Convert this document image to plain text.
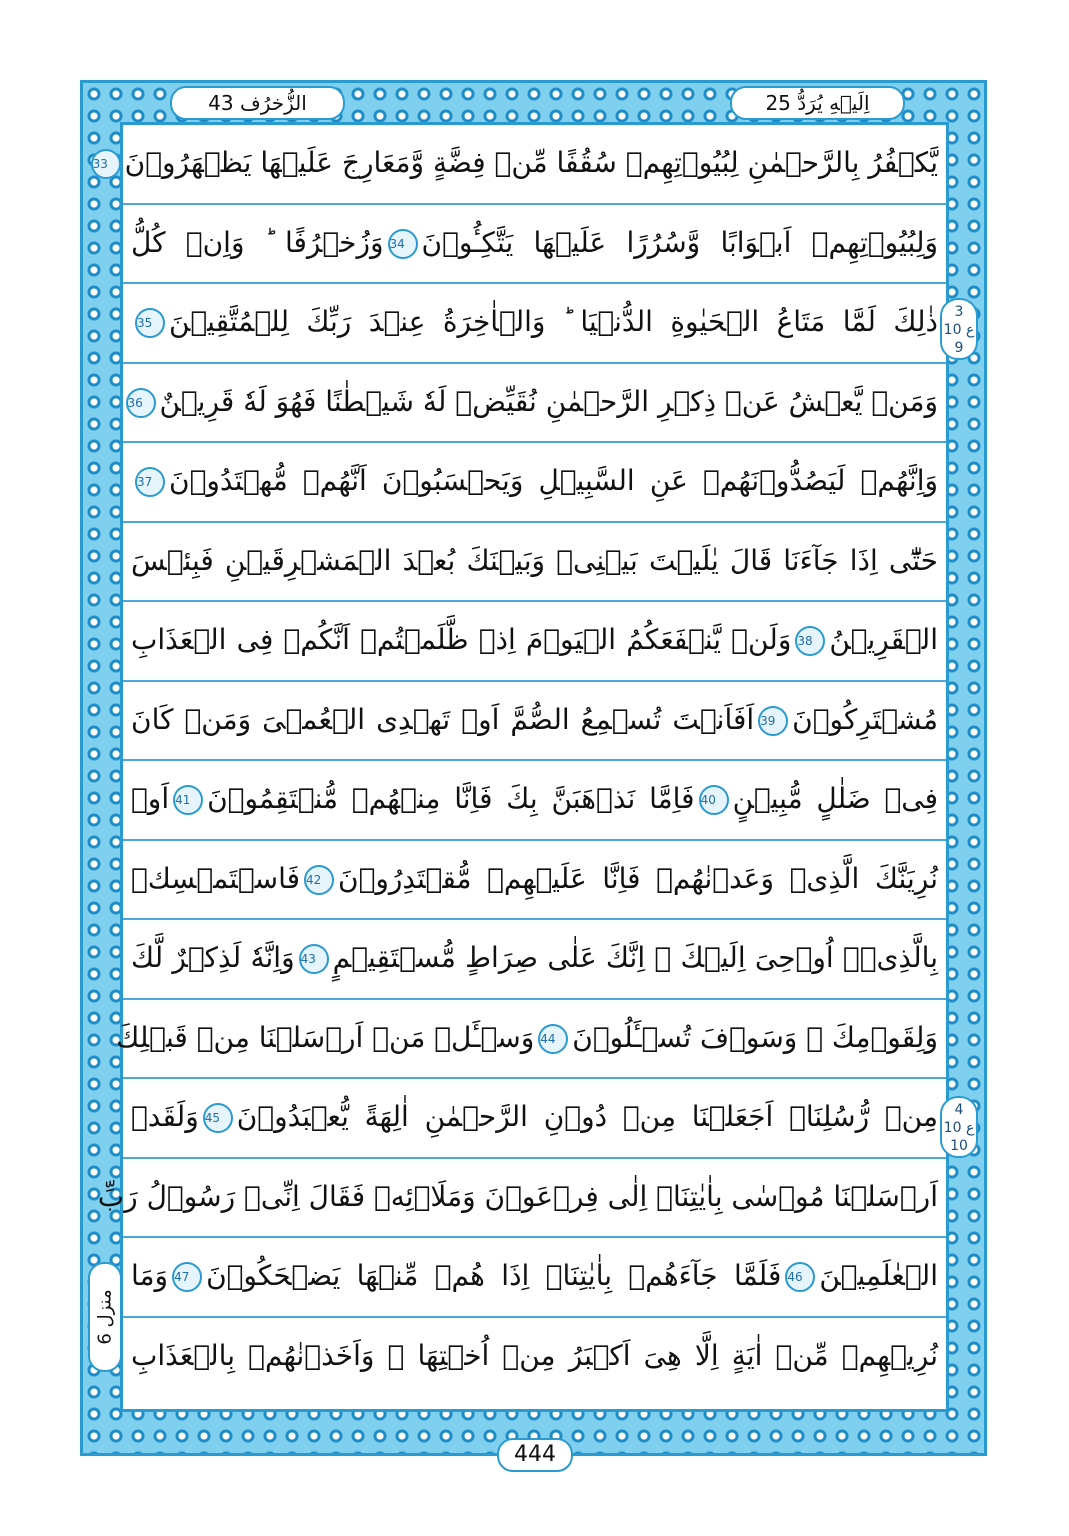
الزُّخرُف 43	اِلَيۡهِ يُرَدُّ 25
يَّكۡفُرُ بِالرَّحۡمٰنِ لِبُيُوۡتِهِمۡ سُقُفًا مِّنۡ فِضَّةٍ وَّمَعَارِجَ عَلَيۡهَا يَظۡهَرُوۡنَ33
وَلِبُيُوۡتِهِمۡ اَبۡوَابًا وَّسُرُرًا عَلَيۡهَا يَتَّكِـُٔوۡنَ34وَزُخۡرُفًا ؕ وَاِنۡ كُلُّ
ذٰلِكَ لَمَّا مَتَاعُ الۡحَيٰوةِ الدُّنۡيَا ؕ وَالۡاٰخِرَةُ عِنۡدَ رَبِّكَ لِلۡمُتَّقِيۡنَ35
وَمَنۡ يَّعۡشُ عَنۡ ذِكۡرِ الرَّحۡمٰنِ نُقَيِّضۡ لَهٗ شَيۡطٰنًا فَهُوَ لَهٗ قَرِيۡنٌ36
وَاِنَّهُمۡ لَيَصُدُّوۡنَهُمۡ عَنِ السَّبِيۡلِ وَيَحۡسَبُوۡنَ اَنَّهُمۡ مُّهۡتَدُوۡنَ37
حَتّٰٓى اِذَا جَآءَنَا قَالَ يٰلَيۡتَ بَيۡنِىۡ وَبَيۡنَكَ بُعۡدَ الۡمَشۡرِقَيۡنِ فَبِئۡسَ
الۡقَرِيۡنُ38وَلَنۡ يَّنۡفَعَكُمُ الۡيَوۡمَ اِذۡ ظَّلَمۡتُمۡ اَنَّكُمۡ فِى الۡعَذَابِ
مُشۡتَرِكُوۡنَ39اَفَاَنۡتَ تُسۡمِعُ الصُّمَّ اَوۡ تَهۡدِى الۡعُمۡىَ وَمَنۡ كَانَ
فِىۡ ضَلٰلٍ مُّبِيۡنٍ40فَاِمَّا نَذۡهَبَنَّ بِكَ فَاِنَّا مِنۡهُمۡ مُّنۡتَقِمُوۡنَ41اَوۡ
نُرِيَنَّكَ الَّذِىۡ وَعَدۡنٰهُمۡ فَاِنَّا عَلَيۡهِمۡ مُّقۡتَدِرُوۡنَ42فَاسۡتَمۡسِكۡ
بِالَّذِىۡۤ اُوۡحِىَ اِلَيۡكَ ۚ اِنَّكَ عَلٰى صِرَاطٍ مُّسۡتَقِيۡمٍ43وَاِنَّهٗ لَذِكۡرٌ لَّكَ
وَلِقَوۡمِكَ ۚ وَسَوۡفَ تُسۡـَٔلُوۡنَ44وَسۡـَٔلۡ مَنۡ اَرۡسَلۡنَا مِنۡ قَبۡلِكَ
مِنۡ رُّسُلِنَاۤ اَجَعَلۡنَا مِنۡ دُوۡنِ الرَّحۡمٰنِ اٰلِهَةً يُّعۡبَدُوۡنَ45وَلَقَدۡ
اَرۡسَلۡنَا مُوۡسٰى بِاٰيٰتِنَاۤ اِلٰى فِرۡعَوۡنَ وَمَلَا۟ئِهٖ فَقَالَ اِنِّىۡ رَسُوۡلُ رَبِّ
الۡعٰلَمِيۡنَ46فَلَمَّا جَآءَهُمۡ بِاٰيٰتِنَاۤ اِذَا هُمۡ مِّنۡهَا يَضۡحَكُوۡنَ47وَمَا
نُرِيۡهِمۡ مِّنۡ اٰيَةٍ اِلَّا هِىَ اَكۡبَرُ مِنۡ اُخۡتِهَا ۚ وَاَخَذۡنٰهُمۡ بِالۡعَذَابِ
3
ع 10
9
4
ع 10
10
منزل 6
444
